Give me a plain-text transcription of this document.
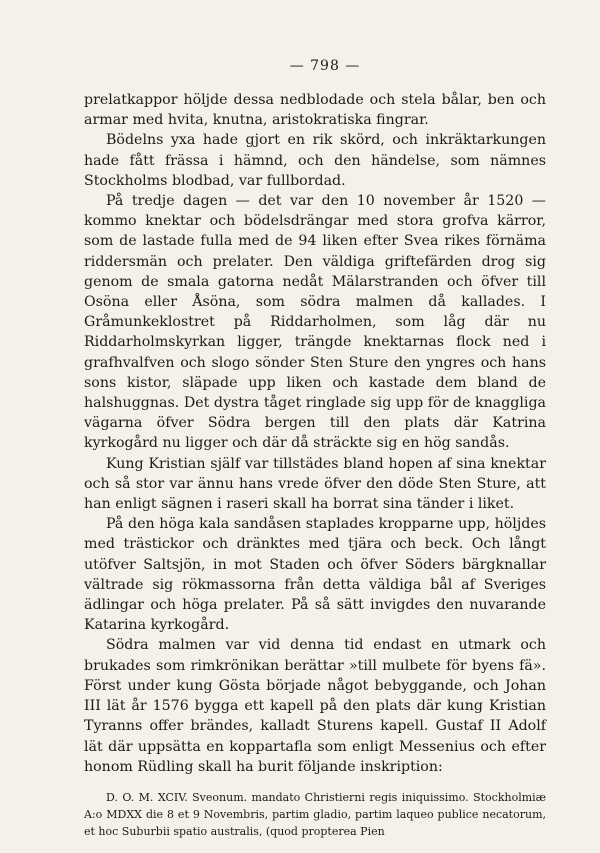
— 798 —

prelatkappor höljde dessa nedblodade och stela bålar, ben och armar med hvita, knutna, aristokratiska fingrar.

Bödelns yxa hade gjort en rik skörd, och inkräktarkungen hade fått frässa i hämnd, och den händelse, som nämnes Stockholms blodbad, var fullbordad.

På tredje dagen — det var den 10 november år 1520 — kommo knektar och bödelsdrängar med stora grofva kärror, som de lastade fulla med de 94 liken efter Svea rikes förnäma riddersmän och prelater. Den väldiga griftefärden drog sig genom de smala gatorna nedåt Mälarstranden och öfver till Osöna eller Åsöna, som södra malmen då kallades. I Gråmunkeklostret på Riddarholmen, som låg där nu Riddarholmskyrkan ligger, trängde knektarnas flock ned i grafhvalfven och slogo sönder Sten Sture den yngres och hans sons kistor, släpade upp liken och kastade dem bland de halshuggnas. Det dystra tåget ringlade sig upp för de knaggliga vägarna öfver Södra bergen till den plats där Katrina kyrkogård nu ligger och där då sträckte sig en hög sandås.

Kung Kristian själf var tillstädes bland hopen af sina knektar och så stor var ännu hans vrede öfver den döde Sten Sture, att han enligt sägnen i raseri skall ha borrat sina tänder i liket.

På den höga kala sandåsen staplades kropparne upp, höljdes med trästickor och dränktes med tjära och beck. Och långt utöfver Saltsjön, in mot Staden och öfver Söders bärgknallar vältrade sig rökmassorna från detta väldiga bål af Sveriges ädlingar och höga prelater. På så sätt invigdes den nuvarande Katarina kyrkogård.

Södra malmen var vid denna tid endast en utmark och brukades som rimkrönikan berättar »till mulbete för byens fä». Först under kung Gösta började något bebyggande, och Johan III lät år 1576 bygga ett kapell på den plats där kung Kristian Tyranns offer brändes, kalladt Sturens kapell. Gustaf II Adolf lät där uppsätta en koppartafla som enligt Messenius och efter honom Rüdling skall ha burit följande inskription:

D. O. M. XCIV. Sveonum. mandato Christierni regis iniquissimo. Stockholmiæ A:o MDXX die 8 et 9 Novembris, partim gladio, partim laqueo publice necatorum, et hoc Suburbii spatio australis, (quod propterea Pien
